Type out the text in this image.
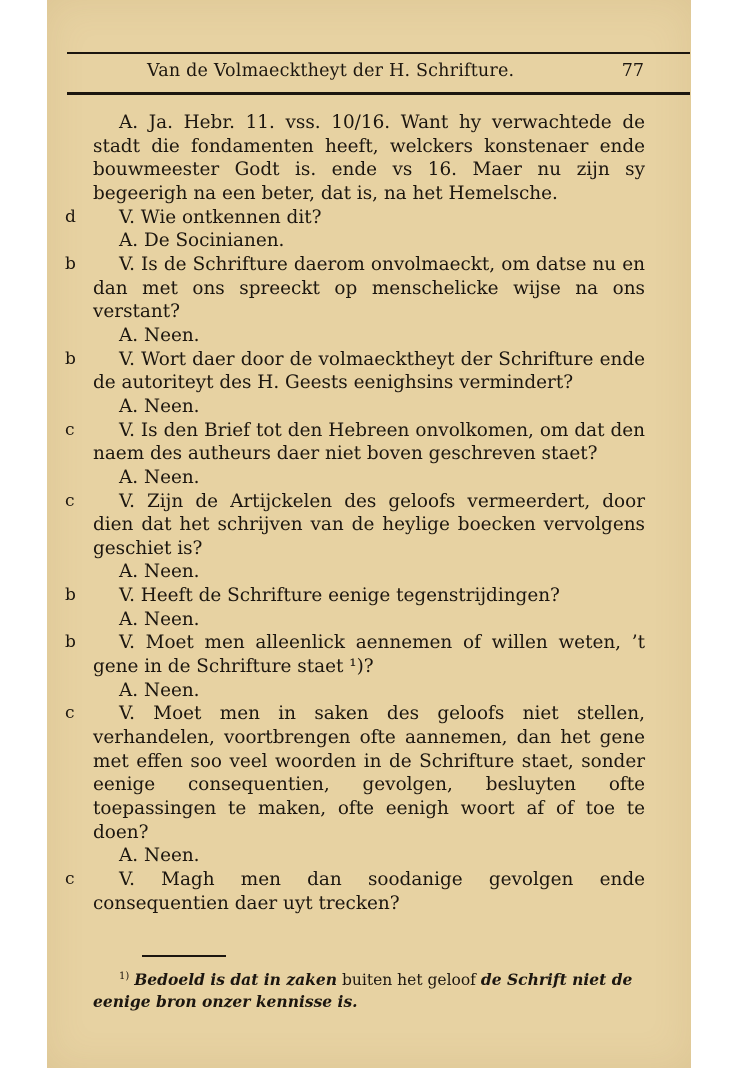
Van de Volmaecktheyt der H. Schrifture.	77

A. Ja. Hebr. 11. vss. 10/16. Want hy verwachtede de stadt die fondamenten heeft, welckers konstenaer ende bouwmeester Godt is. ende vs 16. Maer nu zijn sy begeerigh na een beter, dat is, na het Hemelsche.

d V. Wie ontkennen dit?

A. De Socinianen.

b V. Is de Schrifture daerom onvolmaeckt, om datse nu en dan met ons spreeckt op menschelicke wijse na ons verstant?

A. Neen.

b V. Wort daer door de volmaecktheyt der Schrifture ende de autoriteyt des H. Geests eenighsins vermindert?

A. Neen.

c V. Is den Brief tot den Hebreen onvolkomen, om dat den naem des autheurs daer niet boven geschreven staet?

A. Neen.

c V. Zijn de Artijckelen des geloofs vermeerdert, door dien dat het schrijven van de heylige boecken vervolgens geschiet is?

A. Neen.

b V. Heeft de Schrifture eenige tegenstrijdingen?

A. Neen.

b V. Moet men alleenlick aennemen of willen weten, ’t gene in de Schrifture staet ¹)?

A. Neen.

c V. Moet men in saken des geloofs niet stellen, verhandelen, voortbrengen ofte aannemen, dan het gene met effen soo veel woorden in de Schrifture staet, sonder eenige consequentien, gevolgen, besluyten ofte toepassingen te maken, ofte eenigh woort af of toe te doen?

A. Neen.

c V. Magh men dan soodanige gevolgen ende consequentien daer uyt trecken?

$^{1)}$ Bedoeld is dat in zaken buiten het geloof de Schrift niet de eenige bron onzer kennisse is.
